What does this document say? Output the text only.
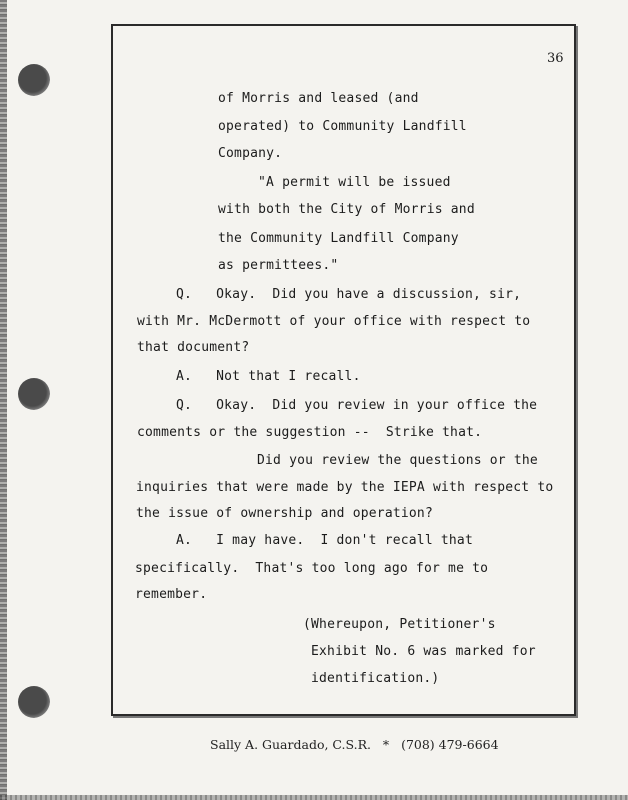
36
of Morris and leased (and
operated) to Community Landfill
Company.
"A permit will be issued
with both the City of Morris and
the Community Landfill Company
as permittees."
Q.   Okay.  Did you have a discussion, sir,
with Mr. McDermott of your office with respect to
that document?
A.   Not that I recall.
Q.   Okay.  Did you review in your office the
comments or the suggestion --  Strike that.
Did you review the questions or the
inquiries that were made by the IEPA with respect to
the issue of ownership and operation?
A.   I may have.  I don't recall that
specifically.  That's too long ago for me to
remember.
(Whereupon, Petitioner's
Exhibit No. 6 was marked for
identification.)
Sally A. Guardado, C.S.R.   *   (708) 479-6664
